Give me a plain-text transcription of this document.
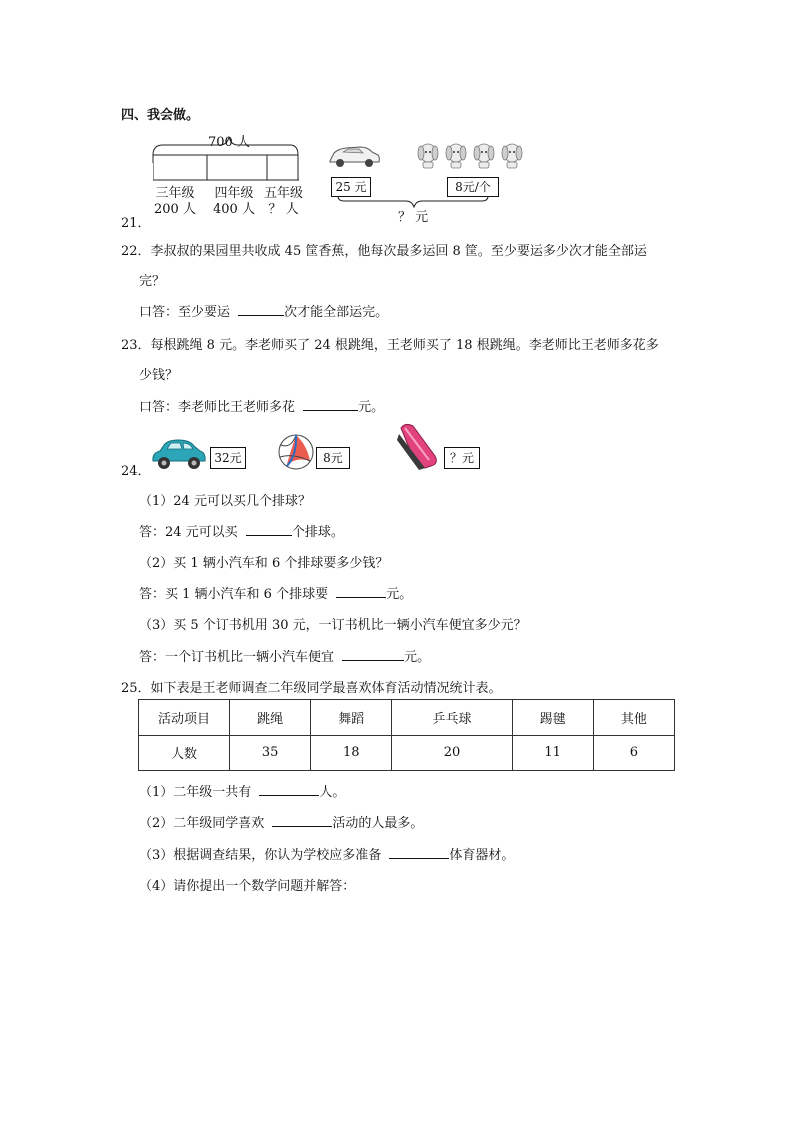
四、我会做。
700 人
三年级
200 人
四年级
400 人
五年级
？ 人
21．
25 元	8元/个
？ 元
22．李叔叔的果园里共收成 45 筐香蕉，他每次最多运回 8 筐。至少要运多少次才能全部运
完？
口答：至少要运	次才能全部运完。
23．每根跳绳 8 元。李老师买了 24 根跳绳，王老师买了 18 根跳绳。李老师比王老师多花多
少钱？
口答：李老师比王老师多花	元。
24．
32元	8元	？元
（1）24 元可以买几个排球？
答：24 元可以买	个排球。
（2）买 1 辆小汽车和 6 个排球要多少钱？
答：买 1 辆小汽车和 6 个排球要	元。
（3）买 5 个订书机用 30 元，一订书机比一辆小汽车便宜多少元？
答：一个订书机比一辆小汽车便宜	元。
25．如下表是王老师调查二年级同学最喜欢体育活动情况统计表。
活动项目	跳绳	舞蹈	乒乓球	踢毽	其他
人数	35	18	20	11	6
（1）二年级一共有	人。
（2）二年级同学喜欢	活动的人最多。
（3）根据调查结果，你认为学校应多准备	体育器材。
（4）请你提出一个数学问题并解答：
